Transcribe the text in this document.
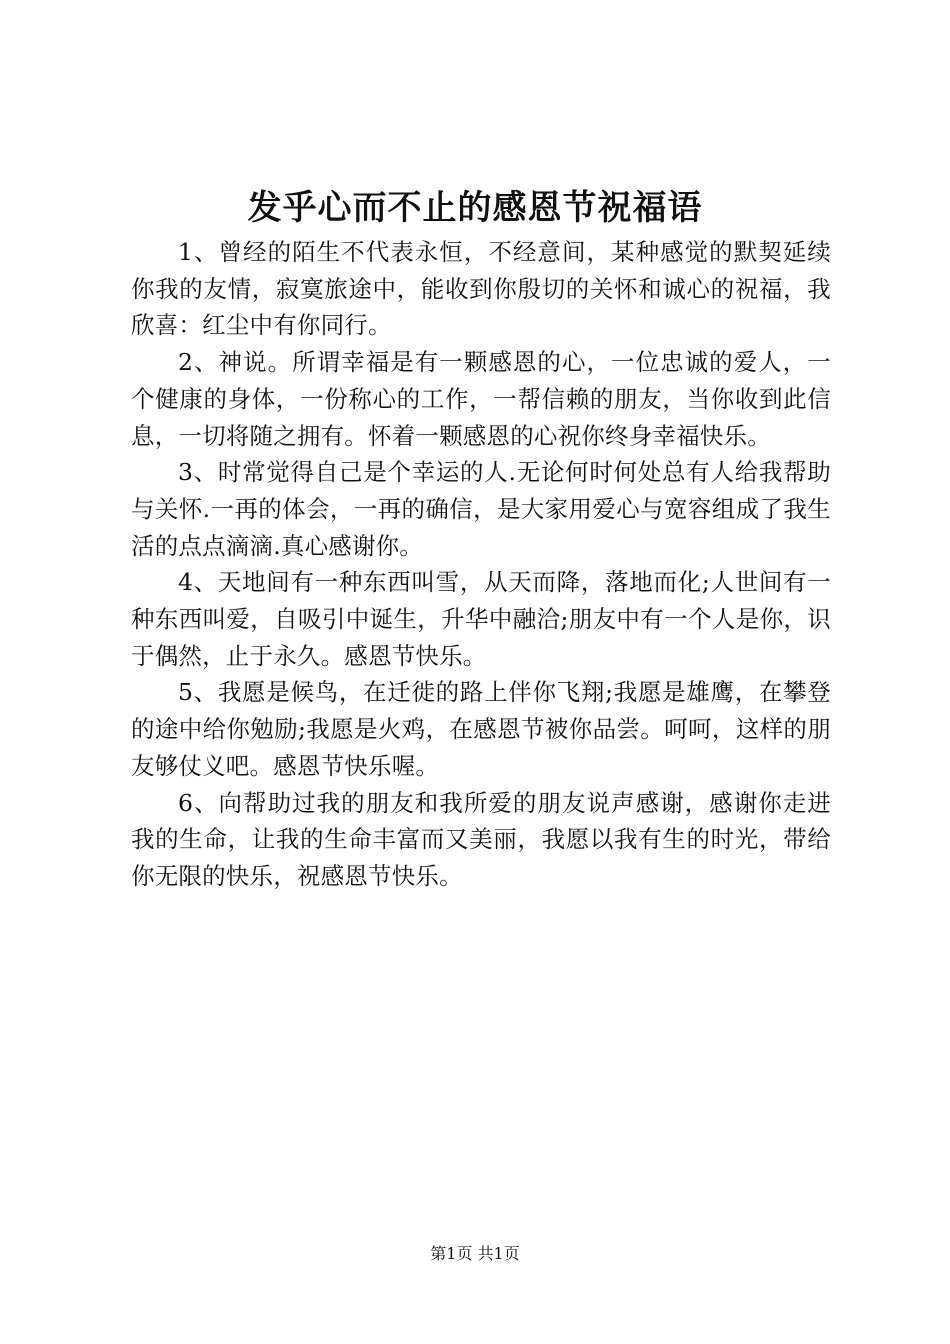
发乎心而不止的感恩节祝福语

1、曾经的陌生不代表永恒，不经意间，某种感觉的默契延续你我的友情，寂寞旅途中，能收到你殷切的关怀和诚心的祝福，我欣喜：红尘中有你同行。

2、神说。所谓幸福是有一颗感恩的心，一位忠诚的爱人，一个健康的身体，一份称心的工作，一帮信赖的朋友，当你收到此信息，一切将随之拥有。怀着一颗感恩的心祝你终身幸福快乐。

3、时常觉得自己是个幸运的人.无论何时何处总有人给我帮助与关怀.一再的体会，一再的确信，是大家用爱心与宽容组成了我生活的点点滴滴.真心感谢你。

4、天地间有一种东西叫雪，从天而降，落地而化;人世间有一种东西叫爱，自吸引中诞生，升华中融洽;朋友中有一个人是你，识于偶然，止于永久。感恩节快乐。

5、我愿是候鸟，在迁徙的路上伴你飞翔;我愿是雄鹰，在攀登的途中给你勉励;我愿是火鸡，在感恩节被你品尝。呵呵，这样的朋友够仗义吧。感恩节快乐喔。

6、向帮助过我的朋友和我所爱的朋友说声感谢，感谢你走进我的生命，让我的生命丰富而又美丽，我愿以我有生的时光，带给你无限的快乐，祝感恩节快乐。

第1页 共1页
